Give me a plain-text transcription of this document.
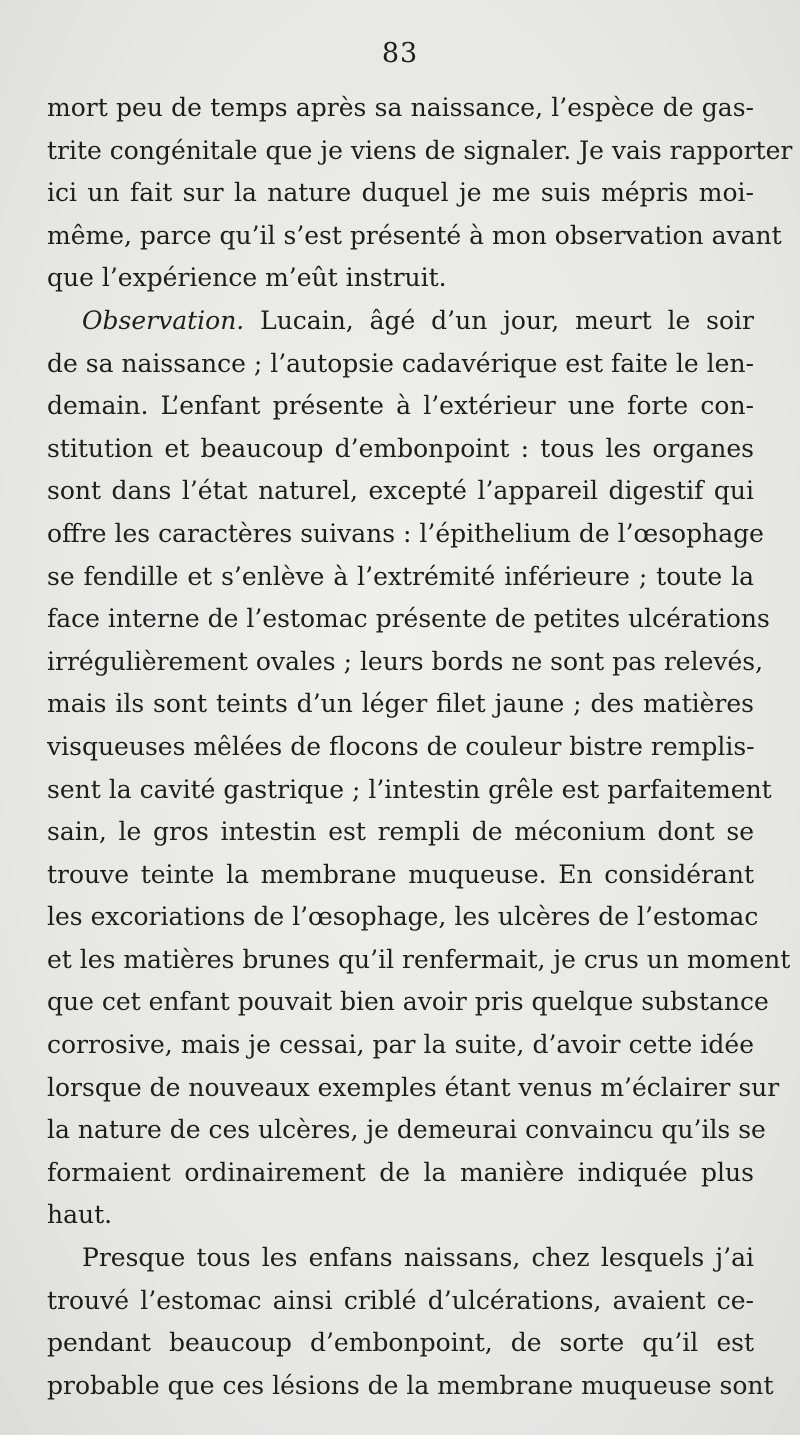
83
mort peu de temps après sa naissance, l’espèce de gas-
trite congénitale que je viens de signaler. Je vais rapporter
ici un fait sur la nature duquel je me suis mépris moi-
même, parce qu’il s’est présenté à mon observation avant
que l’expérience m’eût instruit.
Observation. Lucain, âgé d’un jour, meurt le soir
de sa naissance ; l’autopsie cadavérique est faite le len-
demain. L’enfant présente à l’extérieur une forte con-
stitution et beaucoup d’embonpoint : tous les organes
sont dans l’état naturel, excepté l’appareil digestif qui
offre les caractères suivans : l’épithelium de l’œsophage
se fendille et s’enlève à l’extrémité inférieure ; toute la
face interne de l’estomac présente de petites ulcérations
irrégulièrement ovales ; leurs bords ne sont pas relevés,
mais ils sont teints d’un léger filet jaune ; des matières
visqueuses mêlées de flocons de couleur bistre remplis-
sent la cavité gastrique ; l’intestin grêle est parfaitement
sain, le gros intestin est rempli de méconium dont se
trouve teinte la membrane muqueuse. En considérant
les excoriations de l’œsophage, les ulcères de l’estomac
et les matières brunes qu’il renfermait, je crus un moment
que cet enfant pouvait bien avoir pris quelque substance
corrosive, mais je cessai, par la suite, d’avoir cette idée
lorsque de nouveaux exemples étant venus m’éclairer sur
la nature de ces ulcères, je demeurai convaincu qu’ils se
formaient ordinairement de la manière indiquée plus
haut.
Presque tous les enfans naissans, chez lesquels j’ai
trouvé l’estomac ainsi criblé d’ulcérations, avaient ce-
pendant beaucoup d’embonpoint, de sorte qu’il est
probable que ces lésions de la membrane muqueuse sont
